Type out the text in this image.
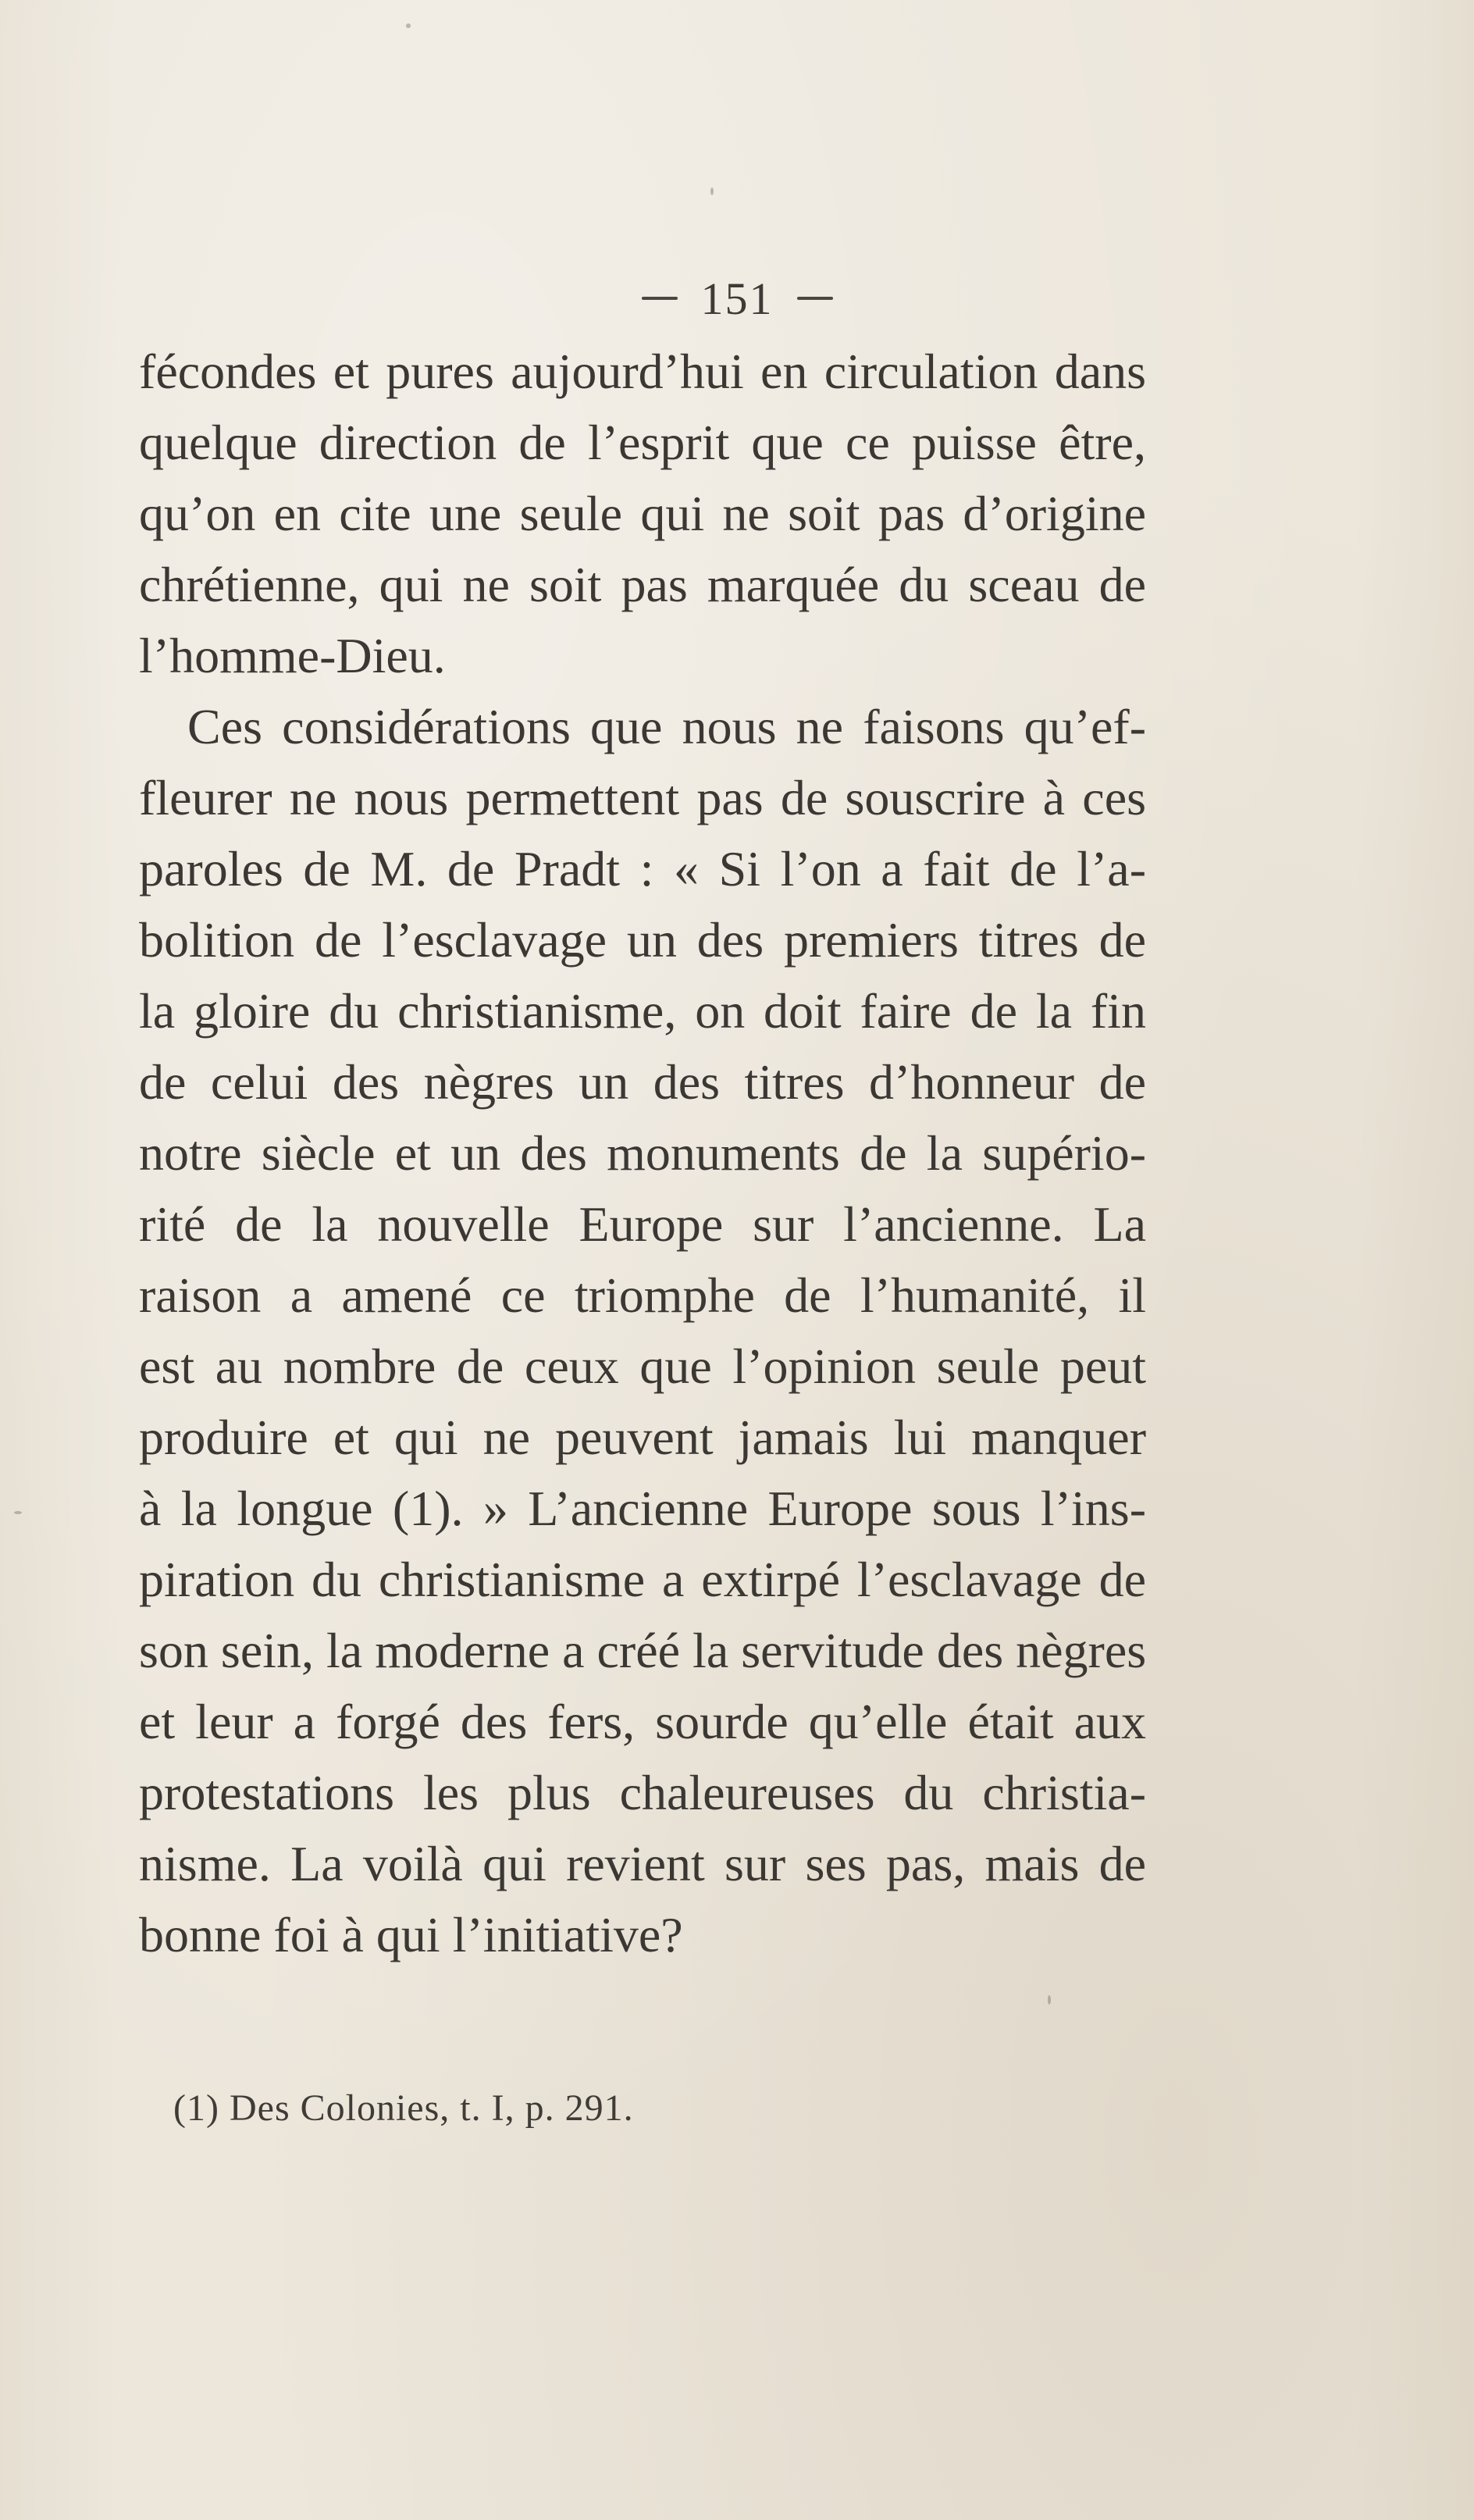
151
fécondes et pures aujourd’hui en circulation dans
quelque direction de l’esprit que ce puisse être,
qu’on en cite une seule qui ne soit pas d’origine
chrétienne, qui ne soit pas marquée du sceau de
l’homme-Dieu.
Ces considérations que nous ne faisons qu’ef-
fleurer ne nous permettent pas de souscrire à ces
paroles de M. de Pradt : « Si l’on a fait de l’a-
bolition de l’esclavage un des premiers titres de
la gloire du christianisme, on doit faire de la fin
de celui des nègres un des titres d’honneur de
notre siècle et un des monuments de la supério-
rité de la nouvelle Europe sur l’ancienne. La
raison a amené ce triomphe de l’humanité, il
est au nombre de ceux que l’opinion seule peut
produire et qui ne peuvent jamais lui manquer
à la longue (1). » L’ancienne Europe sous l’ins-
piration du christianisme a extirpé l’esclavage de
son sein, la moderne a créé la servitude des nègres
et leur a forgé des fers, sourde qu’elle était aux
protestations les plus chaleureuses du christia-
nisme. La voilà qui revient sur ses pas, mais de
bonne foi à qui l’initiative?
(1) Des Colonies, t. I, p. 291.
